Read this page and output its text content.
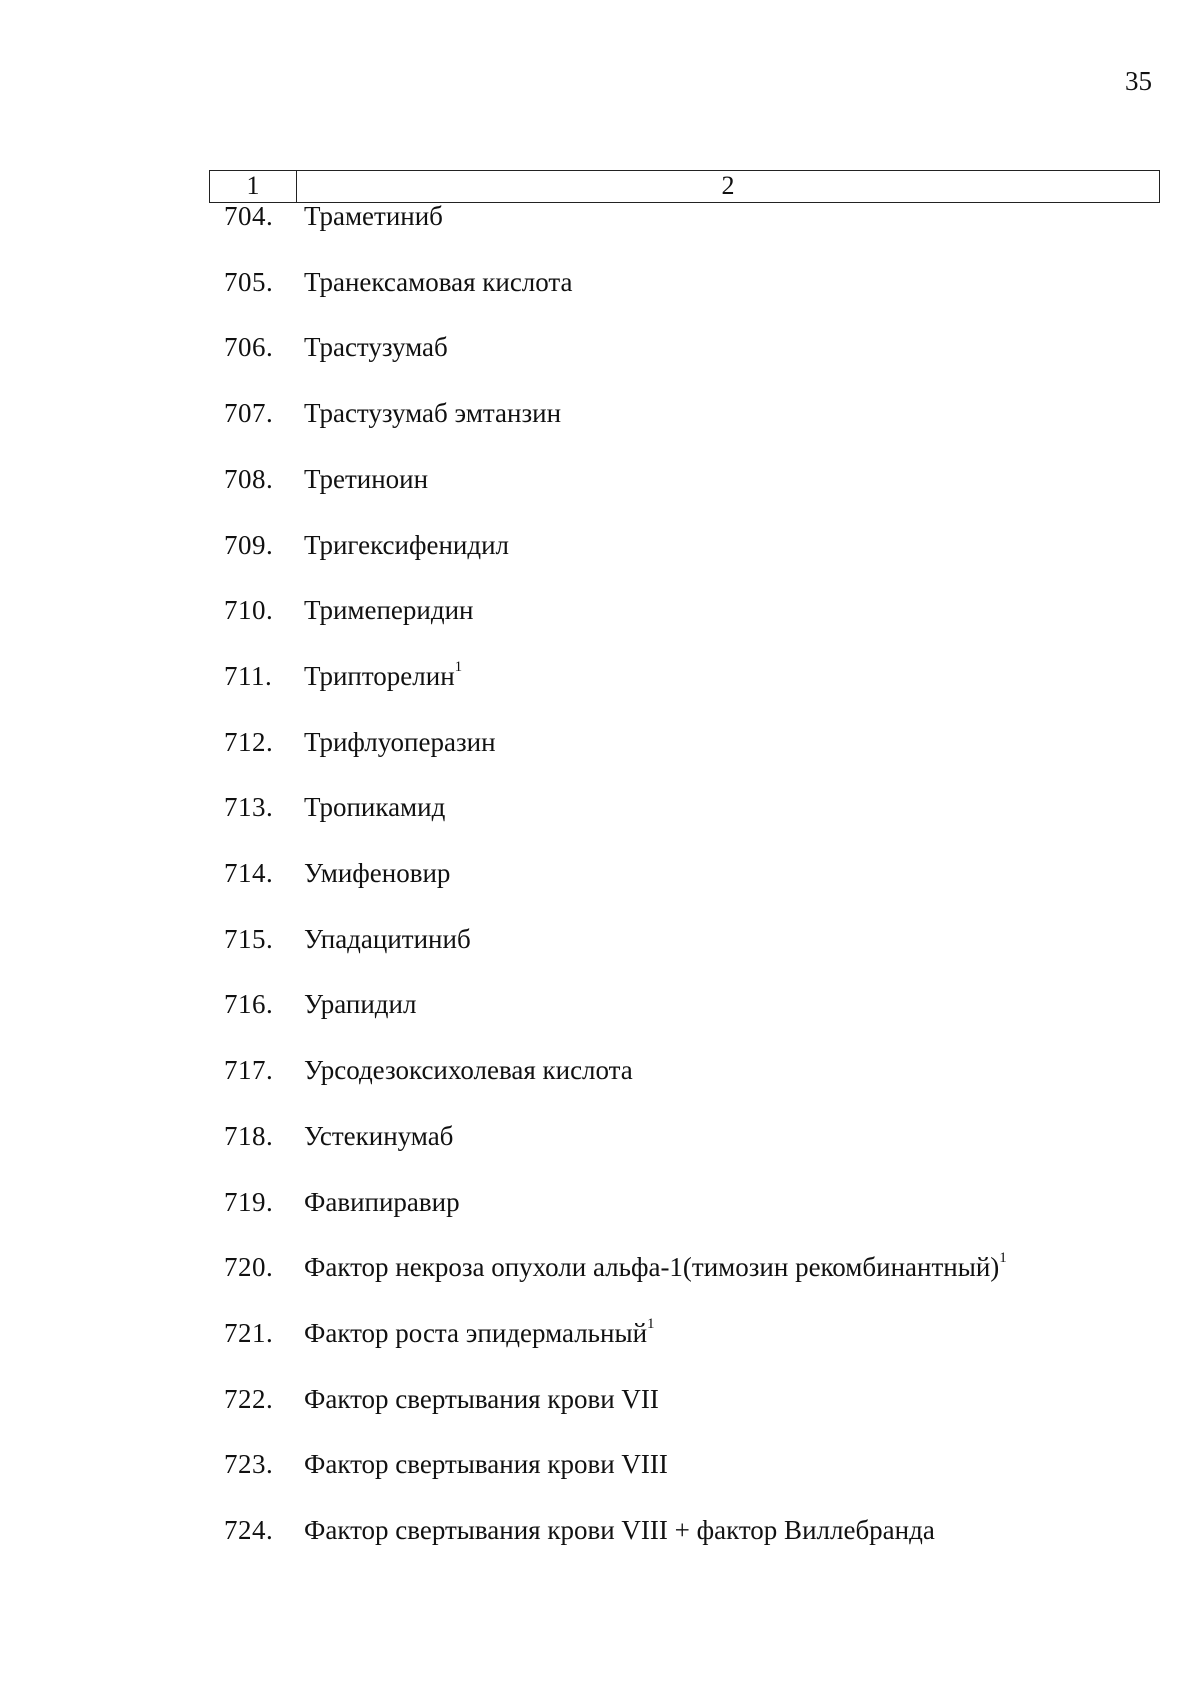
35
1	2
704. Траметиниб
705. Транексамовая кислота
706. Трастузумаб
707. Трастузумаб эмтанзин
708. Третиноин
709. Тригексифенидил
710. Тримеперидин
711. Трипторелин$^1$
712. Трифлуоперазин
713. Тропикамид
714. Умифеновир
715. Упадацитиниб
716. Урапидил
717. Урсодезоксихолевая кислота
718. Устекинумаб
719. Фавипиравир
720. Фактор некроза опухоли альфа-1(тимозин рекомбинантный)$^1$
721. Фактор роста эпидермальный$^1$
722. Фактор свертывания крови VII
723. Фактор свертывания крови VIII
724. Фактор свертывания крови VIII + фактор Виллебранда
